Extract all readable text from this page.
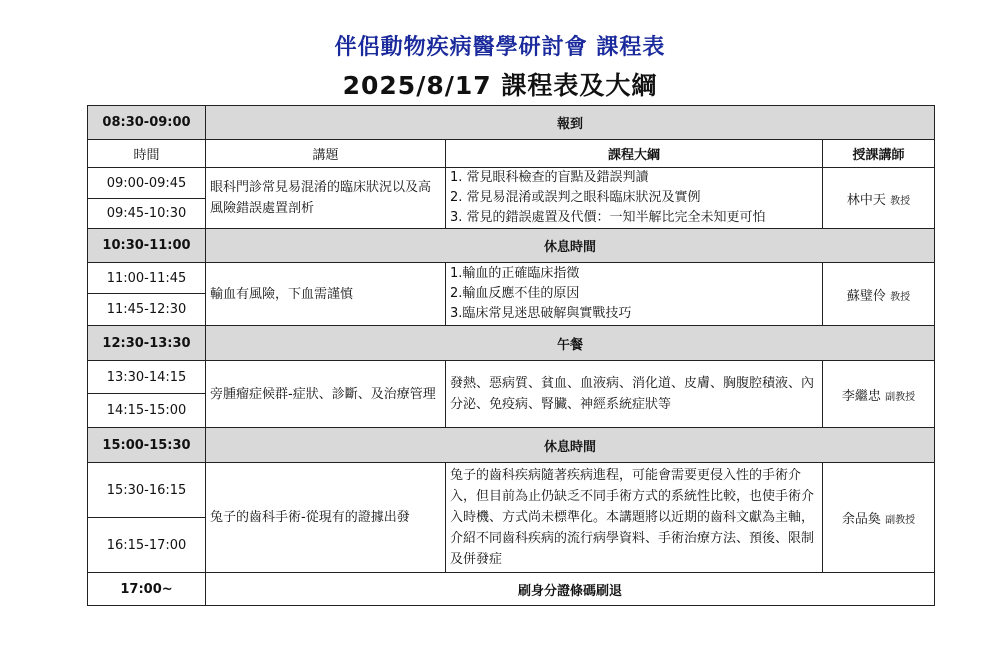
伴侶動物疾病醫學研討會 課程表
2025/8/17 課程表及大綱
08:30-09:00	報到		
時間	講題	課程大綱	授課講師
09:00-09:45	眼科門診常見易混淆的臨床狀況以及高風險錯誤處置剖析	1. 常見眼科檢查的盲點及錯誤判讀
2. 常見易混淆或誤判之眼科臨床狀況及實例
3. 常見的錯誤處置及代價：一知半解比完全未知更可怕	林中天 教授
09:45-10:30			
10:30-11:00	休息時間		
11:00-11:45	輸血有風險，下血需謹慎	1.輸血的正確臨床指徵
2.輸血反應不佳的原因
3.臨床常見迷思破解與實戰技巧	蘇璧伶 教授
11:45-12:30			
12:30-13:30	午餐		
13:30-14:15	旁腫瘤症候群-症狀、診斷、及治療管理	發熱、惡病質、貧血、血液病、消化道、皮膚、胸腹腔積液、內分泌、免疫病、腎臟、神經系統症狀等	李繼忠 副教授
14:15-15:00			
15:00-15:30	休息時間		
15:30-16:15	兔子的齒科手術-從現有的證據出發	兔子的齒科疾病隨著疾病進程，可能會需要更侵入性的手術介入，但目前為止仍缺乏不同手術方式的系統性比較，也使手術介入時機、方式尚未標準化。本講題將以近期的齒科文獻為主軸，介紹不同齒科疾病的流行病學資料、手術治療方法、預後、限制及併發症	余品奐 副教授
16:15-17:00			
17:00~	刷身分證條碼刷退		
